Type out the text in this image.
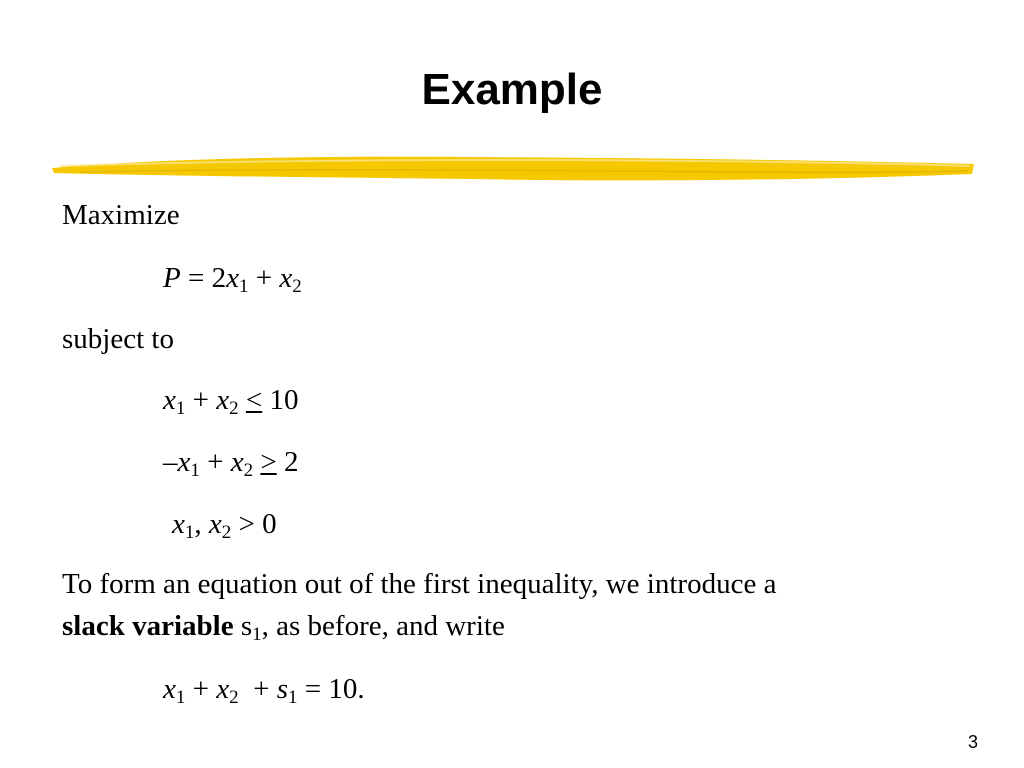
Example
Maximize
$P = 2x_1 + x_2$
subject to
$x_1 + x_2 < 10$
$-x_1 + x_2 > 2$
$x_1$, $x_2 > 0$
To form an equation out of the first inequality, we introduce a
slack variable $s_1$, as before, and write
$x_1 + x_2 + s_1 = 10$.
3
